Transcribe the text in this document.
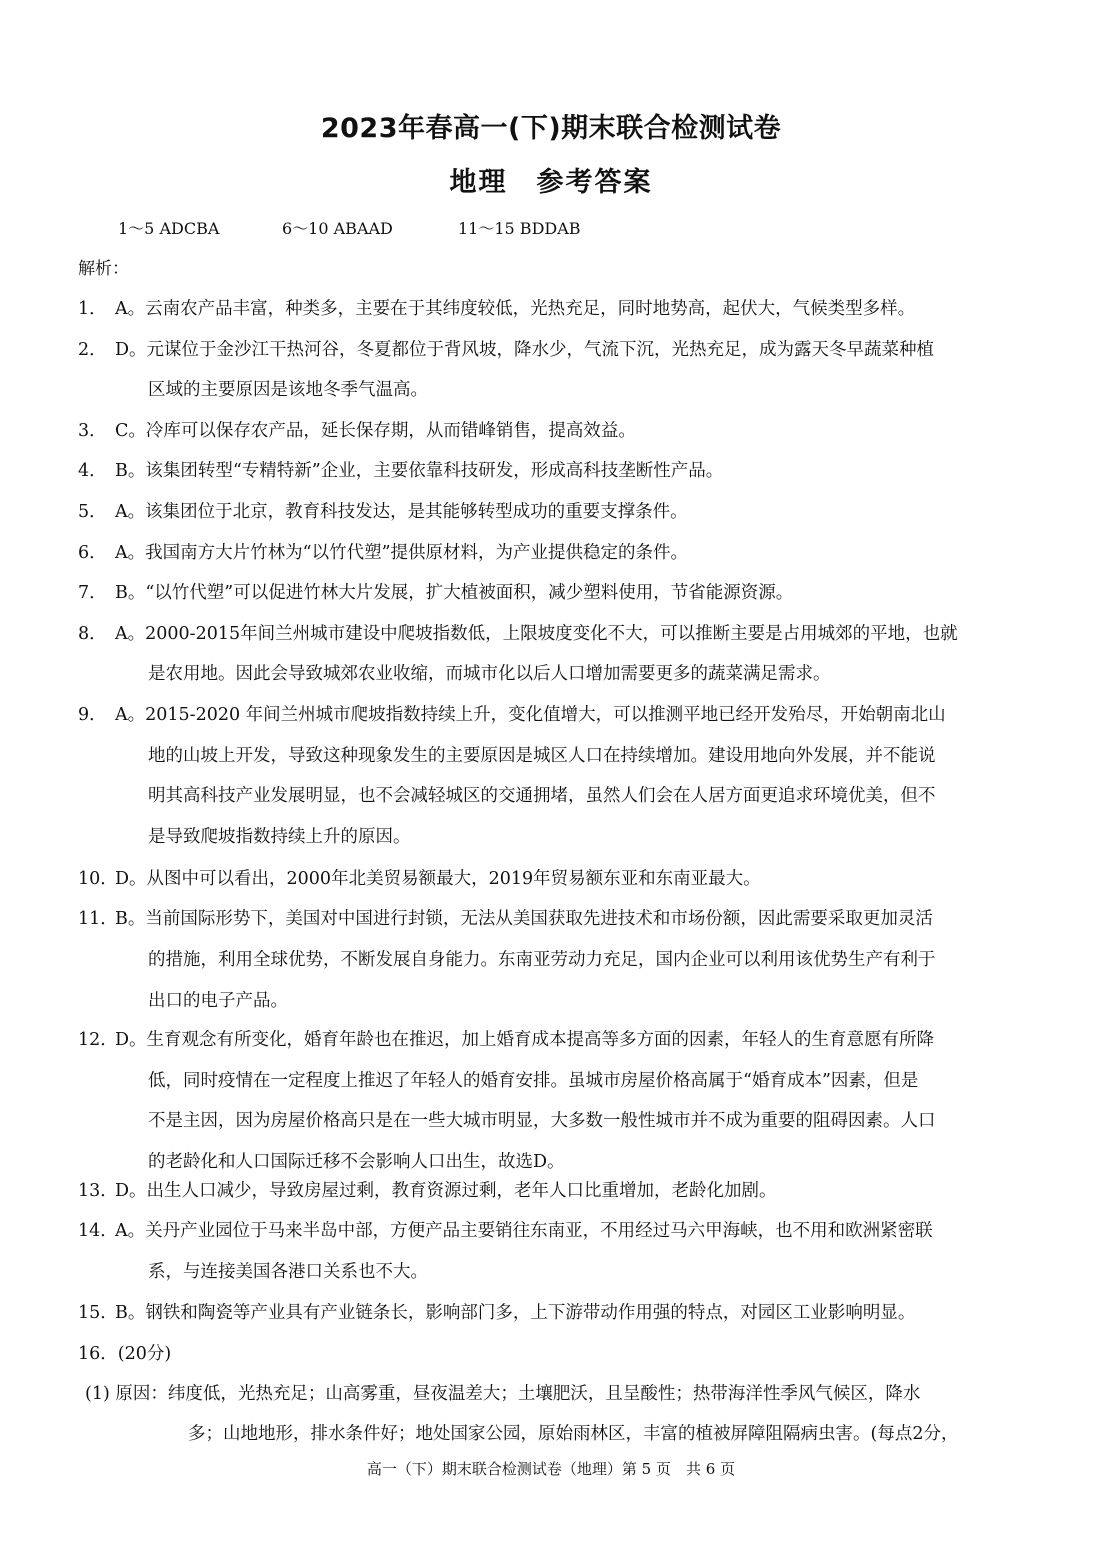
2023年春高一(下)期末联合检测试卷
地理　参考答案
1～5 ADCBA	6～10 ABAAD	11～15 BDDAB
解析：
1． A。云南农产品丰富，种类多，主要在于其纬度较低，光热充足，同时地势高，起伏大，气候类型多样。
2． D。元谋位于金沙江干热河谷，冬夏都位于背风坡，降水少，气流下沉，光热充足，成为露天冬早蔬菜种植
区域的主要原因是该地冬季气温高。
3． C。冷库可以保存农产品，延长保存期，从而错峰销售，提高效益。
4． B。该集团转型“专精特新”企业，主要依靠科技研发，形成高科技垄断性产品。
5． A。该集团位于北京，教育科技发达，是其能够转型成功的重要支撑条件。
6． A。我国南方大片竹林为“以竹代塑”提供原材料，为产业提供稳定的条件。
7． B。“以竹代塑”可以促进竹林大片发展，扩大植被面积，减少塑料使用，节省能源资源。
8． A。2000-2015年间兰州城市建设中爬坡指数低，上限坡度变化不大，可以推断主要是占用城郊的平地，也就
是农用地。因此会导致城郊农业收缩，而城市化以后人口增加需要更多的蔬菜满足需求。
9． A。2015-2020 年间兰州城市爬坡指数持续上升，变化值增大，可以推测平地已经开发殆尽，开始朝南北山
地的山坡上开发，导致这种现象发生的主要原因是城区人口在持续增加。建设用地向外发展，并不能说
明其高科技产业发展明显，也不会减轻城区的交通拥堵，虽然人们会在人居方面更追求环境优美，但不
是导致爬坡指数持续上升的原因。
10．
D。从图中可以看出，2000年北美贸易额最大，2019年贸易额东亚和东南亚最大。
11．
B。当前国际形势下，美国对中国进行封锁，无法从美国获取先进技术和市场份额，因此需要采取更加灵活
的措施，利用全球优势，不断发展自身能力。东南亚劳动力充足，国内企业可以利用该优势生产有利于
出口的电子产品。
12．
D。生育观念有所变化，婚育年龄也在推迟，加上婚育成本提高等多方面的因素，年轻人的生育意愿有所降
低，同时疫情在一定程度上推迟了年轻人的婚育安排。虽城市房屋价格高属于“婚育成本”因素，但是
不是主因，因为房屋价格高只是在一些大城市明显，大多数一般性城市并不成为重要的阻碍因素。人口
的老龄化和人口国际迁移不会影响人口出生，故选D。
13．
D。出生人口减少，导致房屋过剩，教育资源过剩，老年人口比重增加，老龄化加剧。
14．
A。关丹产业园位于马来半岛中部，方便产品主要销往东南亚，不用经过马六甲海峡，也不用和欧洲紧密联
系，与连接美国各港口关系也不大。
15．
B。钢铁和陶瓷等产业具有产业链条长，影响部门多，上下游带动作用强的特点，对园区工业影响明显。
16．(20分)
(1) 原因：纬度低，光热充足；山高雾重，昼夜温差大；土壤肥沃，且呈酸性；热带海洋性季风气候区，降水
多；山地地形，排水条件好；地处国家公园，原始雨林区，丰富的植被屏障阻隔病虫害。(每点2分，
高一（下）期末联合检测试卷（地理）第 5 页　共 6 页
